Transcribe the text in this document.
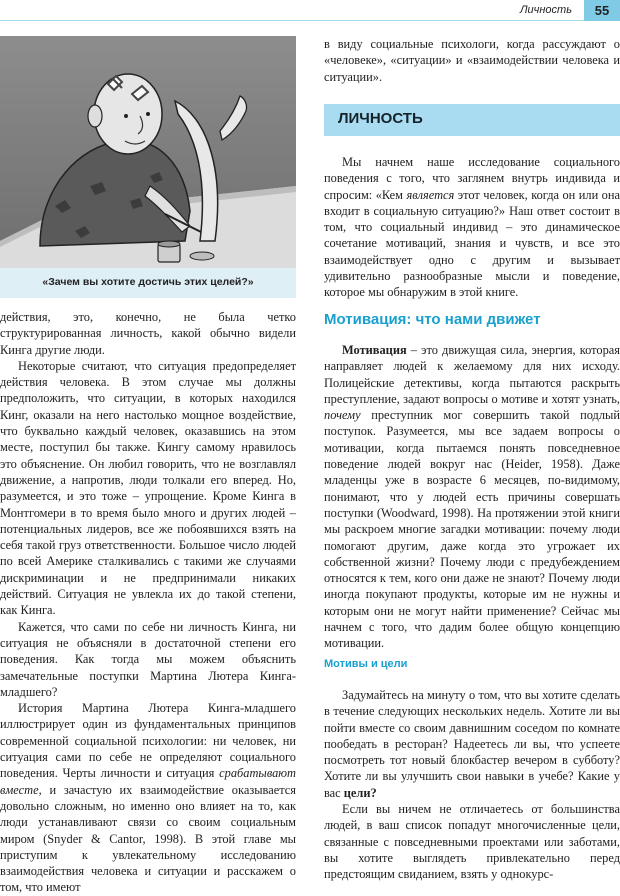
Личность	55
«Зачем вы хотите достичь этих целей?»

действия, это, конечно, не была четко структурированная личность, какой обычно видели Кинга другие люди.

Некоторые считают, что ситуация предопределяет действия человека. В этом случае мы должны предположить, что ситуации, в которых находился Кинг, оказали на него настолько мощное воздействие, что буквально каждый человек, оказавшись на этом месте, поступил бы также. Кингу самому нравилось это объяснение. Он любил говорить, что не возглавлял движение, а напротив, люди толкали его вперед. Но, разумеется, и это тоже – упрощение. Кроме Кинга в Монтгомери в то время было много и других людей – потенциальных лидеров, все же побоявшихся взять на себя такой груз ответственности. Большое число людей по всей Америке сталкивались с такими же случаями дискриминации и не предпринимали никаких действий. Ситуация не увлекла их до такой степени, как Кинга.

Кажется, что сами по себе ни личность Кинга, ни ситуация не объясняли в достаточной степени его поведения. Как тогда мы можем объяснить замечательные поступки Мартина Лютера Кинга-младшего?

История Мартина Лютера Кинга-младшего иллюстрирует один из фундаментальных принципов современной социальной психологии: ни человек, ни ситуация сами по себе не определяют социального поведения. Черты личности и ситуация срабатывают вместе, и зачастую их взаимодействие оказывается довольно сложным, но именно оно влияет на то, как люди устанавливают связи со своим социальным миром (Snyder & Cantor, 1998). В этой главе мы приступим к увлекательному исследованию взаимодействия человека и ситуации и расскажем о том, что имеют

в виду социальные психологи, когда рассуждают о «человеке», «ситуации» и «взаимодействии человека и ситуации».

ЛИЧНОСТЬ

Мы начнем наше исследование социального поведения с того, что заглянем внутрь индивида и спросим: «Кем является этот человек, когда он или она входит в социальную ситуацию?» Наш ответ состоит в том, что социальный индивид – это динамическое сочетание мотиваций, знания и чувств, и все это взаимодействует одно с другим и вызывает удивительно разнообразные мысли и поведение, которое мы обнаружим в этой книге.

Мотивация: что нами движет

Мотивация – это движущая сила, энергия, которая направляет людей к желаемому для них исходу. Полицейские детективы, когда пытаются раскрыть преступление, задают вопросы о мотиве и хотят узнать, почему преступник мог совершить такой подлый поступок. Разумеется, мы все задаем вопросы о мотивации, когда пытаемся понять повседневное поведение людей вокруг нас (Heider, 1958). Даже младенцы уже в возрасте 6 месяцев, по-видимому, понимают, что у людей есть причины совершать поступки (Woodward, 1998). На протяжении этой книги мы раскроем многие загадки мотивации: почему люди помогают другим, даже когда это угрожает их собственной жизни? Почему люди с предубеждением относятся к тем, кого они даже не знают? Почему люди иногда покупают продукты, которые им не нужны и которым они не могут найти применение? Сейчас мы начнем с того, что дадим более общую концепцию мотивации.

Мотивы и цели

Задумайтесь на минуту о том, что вы хотите сделать в течение следующих нескольких недель. Хотите ли вы пойти вместе со своим давнишним соседом по комнате пообедать в ресторан? Надеетесь ли вы, что успеете посмотреть тот новый блокбастер вечером в субботу? Хотите ли вы улучшить свои навыки в учебе? Какие у вас цели?

Если вы ничем не отличаетесь от большинства людей, в ваш список попадут многочисленные цели, связанные с повседневными проектами или заботами, вы хотите выглядеть привлекательно перед предстоящим свиданием, взять у однокурс-
